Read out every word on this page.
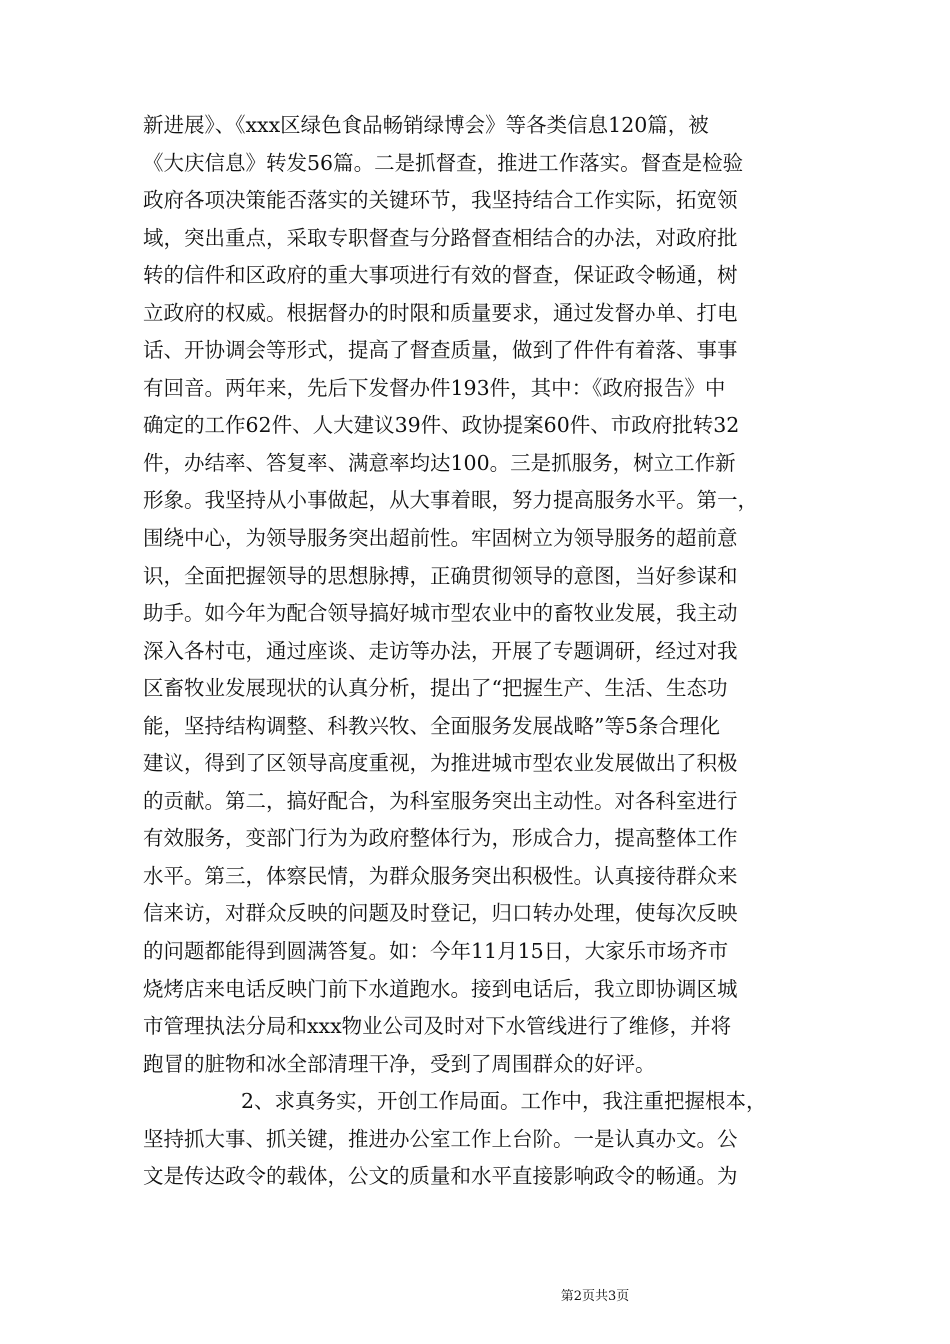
新进展》、《xxx区绿色食品畅销绿博会》等各类信息120篇，被
《大庆信息》转发56篇。二是抓督查，推进工作落实。督查是检验
政府各项决策能否落实的关键环节，我坚持结合工作实际，拓宽领
域，突出重点，采取专职督查与分路督查相结合的办法，对政府批
转的信件和区政府的重大事项进行有效的督查，保证政令畅通，树
立政府的权威。根据督办的时限和质量要求，通过发督办单、打电
话、开协调会等形式，提高了督查质量，做到了件件有着落、事事
有回音。两年来，先后下发督办件193件，其中：《政府报告》中
确定的工作62件、人大建议39件、政协提案60件、市政府批转32
件，办结率、答复率、满意率均达100。三是抓服务，树立工作新
形象。我坚持从小事做起，从大事着眼，努力提高服务水平。第一，
围绕中心，为领导服务突出超前性。牢固树立为领导服务的超前意
识，全面把握领导的思想脉搏，正确贯彻领导的意图，当好参谋和
助手。如今年为配合领导搞好城市型农业中的畜牧业发展，我主动
深入各村屯，通过座谈、走访等办法，开展了专题调研，经过对我
区畜牧业发展现状的认真分析，提出了“把握生产、生活、生态功
能，坚持结构调整、科教兴牧、全面服务发展战略”等5条合理化
建议，得到了区领导高度重视，为推进城市型农业发展做出了积极
的贡献。第二，搞好配合，为科室服务突出主动性。对各科室进行
有效服务，变部门行为为政府整体行为，形成合力，提高整体工作
水平。第三，体察民情，为群众服务突出积极性。认真接待群众来
信来访，对群众反映的问题及时登记，归口转办处理，使每次反映
的问题都能得到圆满答复。如：今年11月15日，大家乐市场齐市
烧烤店来电话反映门前下水道跑水。接到电话后，我立即协调区城
市管理执法分局和xxx物业公司及时对下水管线进行了维修，并将
跑冒的脏物和冰全部清理干净，受到了周围群众的好评。
2、求真务实，开创工作局面。工作中，我注重把握根本，
坚持抓大事、抓关键，推进办公室工作上台阶。一是认真办文。公
文是传达政令的载体，公文的质量和水平直接影响政令的畅通。为
第2页共3页
